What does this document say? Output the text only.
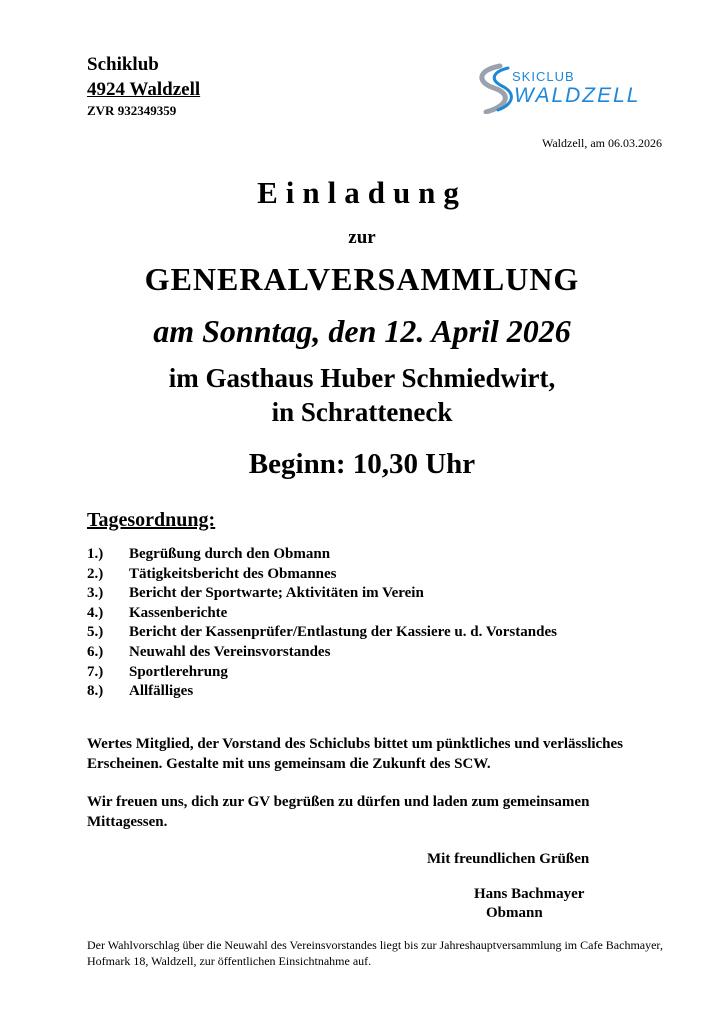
Schiklub
4924 Waldzell
ZVR 932349359
SKICLUB
WALDZELL
Waldzell, am 06.03.2026
Einladung
zur
GENERALVERSAMMLUNG
am Sonntag, den 12. April 2026
im Gasthaus Huber Schmiedwirt,
in Schratteneck
Beginn: 10,30 Uhr
Tagesordnung:
1.) Begrüßung durch den Obmann
2.) Tätigkeitsbericht des Obmannes
3.) Bericht der Sportwarte; Aktivitäten im Verein
4.) Kassenberichte
5.) Bericht der Kassenprüfer/Entlastung der Kassiere u. d. Vorstandes
6.) Neuwahl des Vereinsvorstandes
7.) Sportlerehrung
8.) Allfälliges
Wertes Mitglied, der Vorstand des Schiclubs bittet um pünktliches und verlässliches Erscheinen. Gestalte mit uns gemeinsam die Zukunft des SCW.
Wir freuen uns, dich zur GV begrüßen zu dürfen und laden zum gemeinsamen Mittagessen.
Mit freundlichen Grüßen
Hans Bachmayer
Obmann
Der Wahlvorschlag über die Neuwahl des Vereinsvorstandes liegt bis zur Jahreshauptversammlung im Cafe Bachmayer, Hofmark 18, Waldzell, zur öffentlichen Einsichtnahme auf.
